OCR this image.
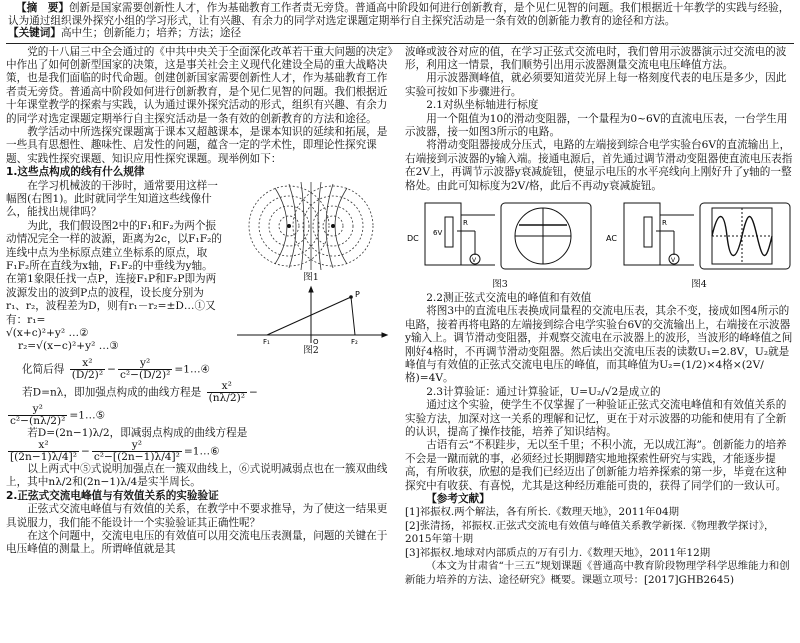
【摘　要】创新是国家需要创新性人才，作为基础教育工作者责无旁贷。普通高中阶段如何进行创新教育，是个见仁见智的问题。我们根据近十年教学的实践与经验，认为通过组织课外探究小组的学习形式，让有兴趣、有余力的同学对选定课题定期举行自主探究活动是一条有效的创新能力教育的途径和方法。
【关键词】高中生；创新能力；培养；方法；途径

党的十八届三中全会通过的《中共中央关于全面深化改革若干重大问题的决定》中作出了如何创新型国家的决策，这是事关社会主义现代化建设全局的重大战略决策，也是我们面临的时代命题。创建创新国家需要创新性人才，作为基础教育工作者责无旁贷。普通高中阶段如何进行创新教育，是个见仁见智的问题。我们根据近十年课堂教学的探索与实践，认为通过课外探究活动的形式，组织有兴趣、有余力的同学对选定课题定期举行自主探究活动是一条有效的创新教育的方法和途径。

教学活动中所选探究课题寓于课本又超越课本，是课本知识的延续和拓展，是一些具有思想性、趣味性、启发性的问题，蕴含一定的学术性，即理论性探究课题、实践性探究课题、知识应用性探究课题。现举例如下：

1.这些点构成的线有什么规律

图1
P
F₁	F₂
O
图2

在学习机械波的干涉时，通常要用这样一幅图(右图1)。此时就同学生知道这些线像什么，能找出规律吗？

为此，我们假设图2中的F₁和F₂为两个振动情况完全一样的波源，距离为2c，以F₁F₂的连线中点为坐标原点建立坐标系的原点，取F₁F₂所在直线为x轴，F₁F₂的中垂线为y轴。在第1象限任找一点P，连接F₁P和F₂P即为两波源发出的波到P点的波程，设长度分别为r₁、r₂，波程差为D，则有r₁－r₂=±D…①又有：r₁=

√(x+c)²+y² …②

r₂=√(x−c)²+y² …③

化简后得 $\frac{\text{x²}}{\text{(D/2)²}} - \frac{\text{y²}}{\text{c²−(D/2)²}}$ =1…④

若D=nλ，即加强点构成的曲线方程是 $\frac{\text{x²}}{\text{(nλ/2)²}}$ −

$\frac{\text{y²}}{\text{c²−(nλ/2)²}}$ =1…⑤

若D=(2n−1)λ/2，即减弱点构成的曲线方程是

$\frac{\text{x²}}{\text{[(2n−1)λ/4]²}} - \frac{\text{y²}}{\text{c²−[(2n−1)λ/4]²}}$ =1…⑥

以上两式中⑤式说明加强点在一簇双曲线上，⑥式说明减弱点也在一簇双曲线上，其中nλ/2和(2n−1)λ/4是实半周长。

2.正弦式交流电峰值与有效值关系的实验验证

正弦式交流电峰值与有效值的关系，在教学中不要求推导，为了使这一结果更具说服力，我们能不能设计一个实验验证其正确性呢？

在这个问题中，交流电电压的有效值可以用交流电压表测量，问题的关键在于电压峰值的测量上。所谓峰值就是其

波峰或波谷对应的值，在学习正弦式交流电时，我们曾用示波器演示过交流电的波形，利用这一情景，我们顺势引出用示波器测量交流电电压峰值方法。

用示波器测峰值，就必须要知道荧光屏上每一格刻度代表的电压是多少，因此实验可按如下步骤进行。

2.1对纵坐标轴进行标度

用一个阻值为10的滑动变阻器，一个量程为0~6V的直流电压表，一台学生用示波器，接一如图3所示的电路。

将滑动变阻器接成分压式，电路的左端接到综合电学实验台6V的直流输出上，右端接到示波器的y输入端。接通电源后，首先通过调节滑动变阻器使直流电压表指在2V上，再调节示波器y衰减旋钮，使显示电压的水平亮线向上刚好升了y轴的一整格处。由此可知标度为2V/格，此后不再动y衰减旋钮。

DC
6V
R
V
图3
AC
R
V
图4

2.2测正弦式交流电的峰值和有效值

将图3中的直流电压表换成同量程的交流电压表，其余不变，接成如图4所示的电路，接着再将电路的左端接到综合电学实验台6V的交流输出上，右端接在示波器y输入上。调节滑动变阻器，并观察交流电在示波器上的波形，当波形的峰峰值之间刚好4格时，不再调节滑动变阻器。然后读出交流电压表的读数U₁=2.8V，U₂就是峰值与有效值的正弦式交流电电压的峰值，而其峰值为U₂=(1/2)×4格×(2V/格)=4V。

2.3计算验证：通过计算验证，U=U₂/√2是成立的

通过这个实验，使学生不仅掌握了一种验证正弦式交流电峰值和有效值关系的实验方法，加深对这一关系的理解和记忆，更在于对示波器的功能和使用有了全新的认识，提高了操作技能，培养了知识结构。

古语有云“不积跬步，无以至千里；不积小流，无以成江海”。创新能力的培养不会是一蹴而就的事，必须经过长期脚踏实地地探索性研究与实践，才能逐步提高，有所收获，欣慰的是我们已经迈出了创新能力培养探索的第一步，毕竟在这种探究中有收获、有喜悦，尤其是这种经历难能可贵的，获得了同学们的一致认可。

【参考文献】

[1]祁振权.两个解法，各有所长.《数理天地》，2011年04期

[2]张清扬，祁振权.正弦式交流电有效值与峰值关系教学新探.《物理教学探讨》，2015年第十期

[3]祁振权.地球对内部质点的万有引力.《数理天地》，2011年12期

（本文为甘肃省“十三五”规划课题《普通高中教育阶段物理学科学思维能力和创新能力培养的方法、途径研究》概要。课题立项号：[2017]GHB2645)
